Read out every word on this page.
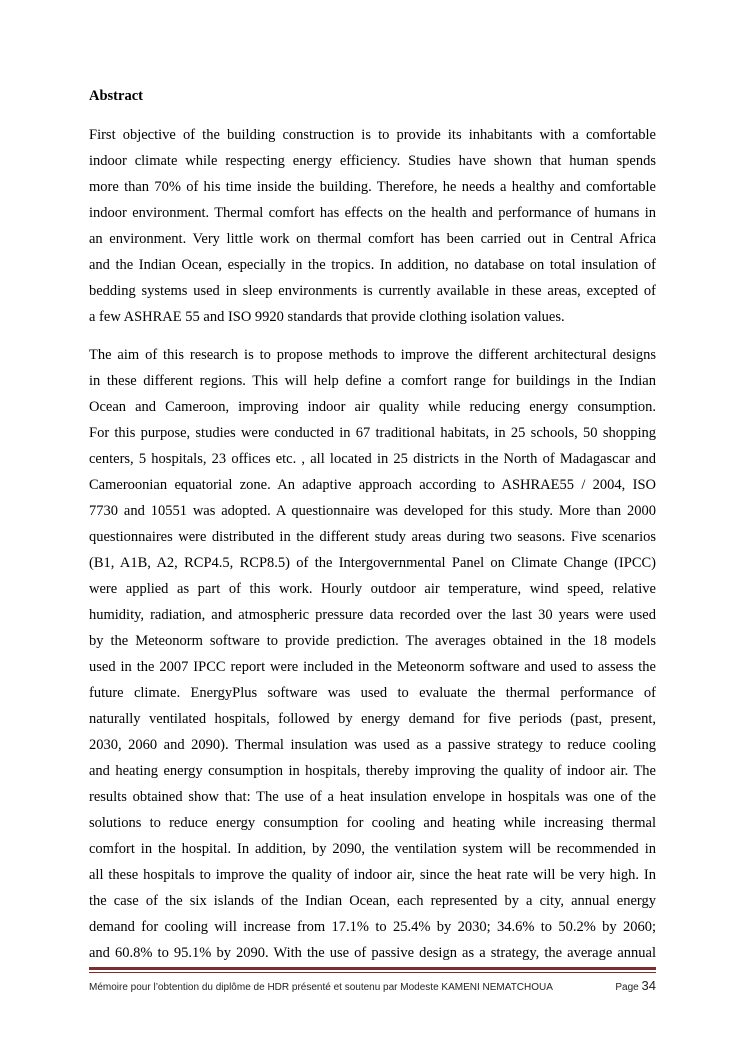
Abstract
First objective of the building construction is to provide its inhabitants with a comfortable
indoor climate while respecting energy efficiency. Studies have shown that human spends
more than 70% of his time inside the building. Therefore, he needs a healthy and comfortable
indoor environment. Thermal comfort has effects on the health and performance of humans in
an environment. Very little work on thermal comfort has been carried out in Central Africa
and the Indian Ocean, especially in the tropics. In addition, no database on total insulation of
bedding systems used in sleep environments is currently available in these areas, excepted of
a few ASHRAE 55 and ISO 9920 standards that provide clothing isolation values.
The aim of this research is to propose methods to improve the different architectural designs
in these different regions. This will help define a comfort range for buildings in the Indian
Ocean and Cameroon, improving indoor air quality while reducing energy consumption.
For this purpose, studies were conducted in 67 traditional habitats, in 25 schools, 50 shopping
centers, 5 hospitals, 23 offices etc. , all located in 25 districts in the North of Madagascar and
Cameroonian equatorial zone. An adaptive approach according to ASHRAE55 / 2004, ISO
7730 and 10551 was adopted. A questionnaire was developed for this study. More than 2000
questionnaires were distributed in the different study areas during two seasons. Five scenarios
(B1, A1B, A2, RCP4.5, RCP8.5) of the Intergovernmental Panel on Climate Change (IPCC)
were applied as part of this work. Hourly outdoor air temperature, wind speed, relative
humidity, radiation, and atmospheric pressure data recorded over the last 30 years were used
by the Meteonorm software to provide prediction. The averages obtained in the 18 models
used in the 2007 IPCC report were included in the Meteonorm software and used to assess the
future climate. EnergyPlus software was used to evaluate the thermal performance of
naturally ventilated hospitals, followed by energy demand for five periods (past, present,
2030, 2060 and 2090). Thermal insulation was used as a passive strategy to reduce cooling
and heating energy consumption in hospitals, thereby improving the quality of indoor air. The
results obtained show that: The use of a heat insulation envelope in hospitals was one of the
solutions to reduce energy consumption for cooling and heating while increasing thermal
comfort in the hospital. In addition, by 2090, the ventilation system will be recommended in
all these hospitals to improve the quality of indoor air, since the heat rate will be very high. In
the case of the six islands of the Indian Ocean, each represented by a city, annual energy
demand for cooling will increase from 17.1% to 25.4% by 2030; 34.6% to 50.2% by 2060;
and 60.8% to 95.1% by 2090. With the use of passive design as a strategy, the average annual
Mémoire pour l’obtention du diplôme de HDR présenté et soutenu par Modeste KAMENI NEMATCHOUA	Page 34
